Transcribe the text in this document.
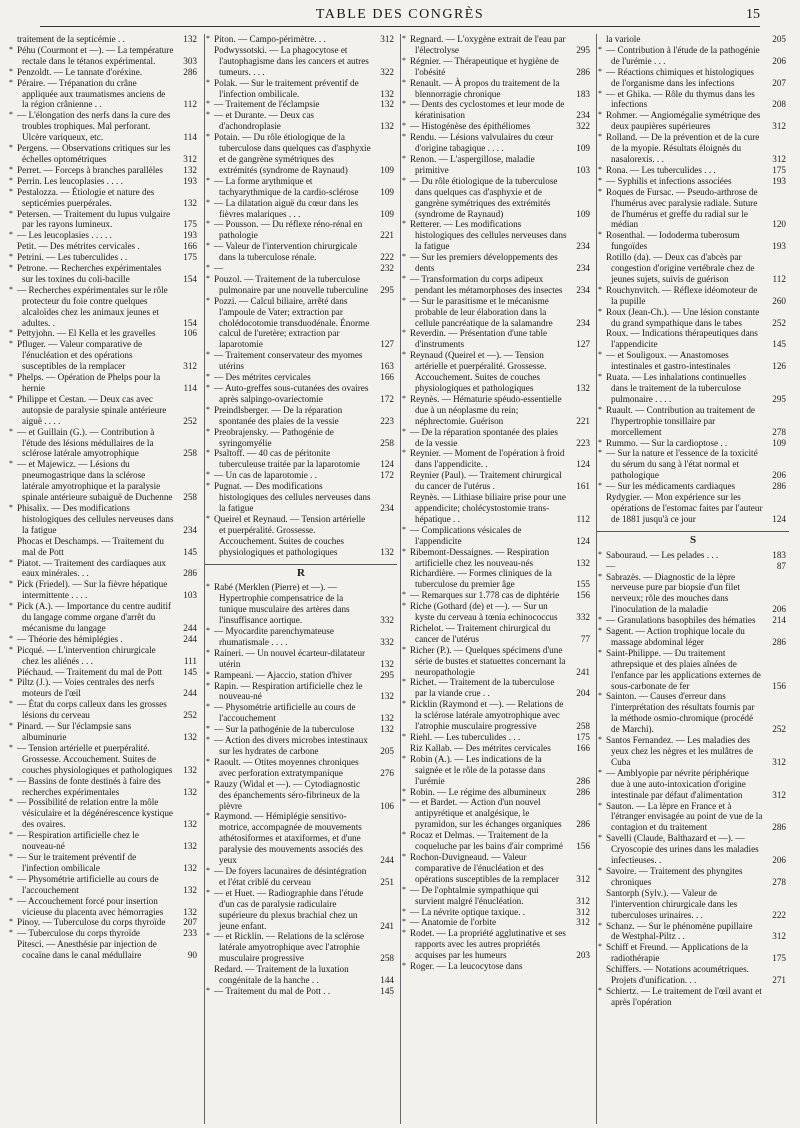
TABLE DES CONGRÈS	15
traitement de la septicémie . .	132
* Péhu (Courmont et —). — La température rectale dans le tétanos expérimental.	303
* Penzoldt. — Le tannate d'oréxine.	286
* Péraire. — Trépanation du crâne appliquée aux traumatismes anciens de la région crânienne . .	112
* — L'élongation des nerfs dans la cure des troubles trophiques. Mal perforant. Ulcère variqueux, etc.	114
* Pergens. — Observations critiques sur les échelles optométriques	312
* Perret. — Forceps à branches parallèles	132
* Perrin. Les leucoplasies . . . .	193
* Pestalozza. — Étiologie et nature des septicémies puerpérales.	132
* Petersen. — Traitement du lupus vulgaire par les rayons lumineux.	175
* — Les leucoplasies . . . . .	193
Petit. — Des métrites cervicales .	166
* Petrini. — Les tuberculides . .	175
* Petrone. — Recherches expérimentales sur les toxines du coli-bacille	154
* — Recherches expérimentales sur le rôle protecteur du foie contre quelques alcaloïdes chez les animaux jeunes et adultes. .	154
* Pettyjohn. — El Kella et les gravelles	106
* Pfluger. — Valeur comparative de l'énucléation et des opérations susceptibles de la remplacer	312
* Phelps. — Opération de Phelps pour la hernie	114
* Philippe et Cestan. — Deux cas avec autopsie de paralysie spinale antérieure aiguë . . . .	252
* — et Guillain (G.). — Contribution à l'étude des lésions médullaires de la sclérose latérale amyotrophique	258
* — et Majewicz. — Lésions du pneumogastrique dans la sclérose latérale amyotrophique et la paralysie spinale antérieure subaiguë de Duchenne 258
* Phisalix. — Des modifications histologiques des cellules nerveuses dans la fatigue	234
Phocas et Deschamps. — Traitement du mal de Pott	145
* Piatot. — Traitement des cardiaques aux eaux minérales. . .	286
* Pick (Friedel). — Sur la fièvre hépatique intermittente . . . .	103
* Pick (A.). — Importance du centre auditif du langage comme organe d'arrêt du mécanisme du langage	244
* — Théorie des hémiplégies .	244
* Picqué. — L'intervention chirurgicale chez les aliénés . . .	111
Piéchaud. — Traitement du mal de Pott	145
* Piltz (J.). — Voies centrales des nerfs moteurs de l'œil	244
* — État du corps calleux dans les grosses lésions du cerveau	252
* Pinard. — Sur l'éclampsie sans albuminurie	132
* — Tension artérielle et puerpéralité. Grossesse. Accouchement. Suites de couches physiologiques et pathologiques 132
* — Bassins de fonte destinés à faire des recherches expérimentales	132
* — Possibilité de relation entre la môle vésiculaire et la dégénérescence kystique des ovaires.	132
* — Respiration artificielle chez le nouveau-né	132
* — Sur le traitement préventif de l'infection ombilicale	132
* — Physométrie artificielle au cours de l'accouchement	132
* — Accouchement forcé pour insertion vicieuse du placenta avec hémorragies	132
* Pinoy. — Tuberculose du corps thyroïde	207
* — Tuberculose du corps thyroïde	233
Pitesci. — Anesthésie par injection de cocaïne dans le canal médullaire	90
* Piton. — Campo-périmètre. . .	312
Podwyssotski. — La phagocytose et l'autophagisme dans les cancers et autres tumeurs. . . .	322
* Polak. — Sur le traitement préventif de l'infection ombilicale.	132
* — Traitement de l'éclampsie	132
* — et Durante. — Deux cas d'achondroplasie	132
* Potain. — Du rôle étiologique de la tuberculose dans quelques cas d'asphyxie et de gangrène symétriques des extrémités (syndrome de Raynaud)	109
* — La forme arythmique et tachyarythmique de la cardio-sclérose	109
* — La dilatation aiguë du cœur dans les fièvres malariques . . .	109
* — Pousson. — Du réflexe réno-rénal en pathologie	221
* — Valeur de l'intervention chirurgicale dans la tuberculose rénale.	222
* —	232
* Pouzol. — Traitement de la tuberculose pulmonaire par une nouvelle tuberculine	295
* Pozzi. — Calcul biliaire, arrêté dans l'ampoule de Vater; extraction par cholédocotomie transduodénale. Énorme calcul de l'uretère; extraction par laparotomie	127
* — Traitement conservateur des myomes utérins	163
* — Des métrites cervicales	166
* — Auto-greffes sous-cutanées des ovaires après salpingo-ovariectomie	172
* Preindlsberger. — De la réparation spontanée des plaies de la vessie	223
* Preobrajensky. — Pathogénie de syringomyélie	258
* Psaltoff. — 40 cas de péritonite tuberculeuse traitée par la laparotomie	124
* — Un cas de laparotomie . .	172
* Pugnat. — Des modifications histologiques des cellules nerveuses dans la fatigue	234
* Queirel et Reynaud. — Tension artérielle et puerpéralité. Grossesse. Accouchement. Suites de couches physiologiques et pathologiques	132
R
* Rabé (Merklen (Pierre) et —). — Hypertrophie compensatrice de la tunique musculaire des artères dans l'insuffisance aortique.	332
* — Myocardite parenchymateuse rhumatismale . . . .	332
* Raineri. — Un nouvel écarteur-dilatateur utérin	132
* Rampeani. — Ajaccio, station d'hiver	295
* Rapin. — Respiration artificielle chez le nouveau-né	132
* — Physométrie artificielle au cours de l'accouchement	132
* — Sur la pathogénie de la tuberculose	132
* — Action des divers microbes intestinaux sur les hydrates de carbone	205
* Raoult. — Otites moyennes chroniques avec perforation extratympanique	276
* Rauzy (Widal et —). — Cytodiagnostic des épanchements séro-fibrineux de la plèvre	106
* Raymond. — Hémiplégie sensitivo-motrice, accompagnée de mouvements athétosiformes et ataxiformes, et d'une paralysie des mouvements associés des yeux	244
* — De foyers lacunaires de désintégration et l'état criblé du cerveau	251
* — et Huet. — Radiographie dans l'étude d'un cas de paralysie radiculaire supérieure du plexus brachial chez un jeune enfant.	241
* — et Ricklin. — Relations de la sclérose latérale amyotrophique avec l'atrophie musculaire progressive	258
Redard. — Traitement de la luxation congénitale de la hanche . .	144
* — Traitement du mal de Pott . .	145
* Regnard. — L'oxygène extrait de l'eau par l'électrolyse	295
* Régnier. — Thérapeutique et hygiène de l'obésité	286
* Renault. — À propos du traitement de la blennorragie chronique	183
* — Dents des cyclostomes et leur mode de kératinisation	234
* — Histogénèse des épithéliomes	322
* Rendu. — Lésions valvulaires du cœur d'origine tabagique . . . .	109
* Renon. — L'aspergillose, maladie primitive	103
* — Du rôle étiologique de la tuberculose dans quelques cas d'asphyxie et de gangrène symétriques des extrémités (syndrome de Raynaud)	109
* Retterer. — Les modifications histologiques des cellules nerveuses dans la fatigue	234
* — Sur les premiers développements des dents	234
* — Transformation du corps adipeux pendant les métamorphoses des insectes	234
* — Sur le parasitisme et le mécanisme probable de leur élaboration dans la cellule pancréatique de la salamandre	234
* Reverdin. — Présentation d'une table d'instruments	127
* Reynaud (Queirel et —). — Tension artérielle et puerpéralité. Grossesse. Accouchement. Suites de couches physiologiques et pathologiques	132
* Reynès. — Hématurie spéudo-essentielle due à un néoplasme du rein; néphrectomie. Guérison	221
* — De la réparation spontanée des plaies de la vessie	223
* Reynier. — Moment de l'opération à froid dans l'appendicite. .	124
Reynier (Paul). — Traitement chirurgical du cancer de l'utérus .	161
Reynès. — Lithiase biliaire prise pour une appendicite; cholécystostomie trans-hépatique . .	112
* — Complications vésicales de l'appendicite	124
* Ribemont-Dessaignes. — Respiration artificielle chez les nouveau-nés	132
Richardière. — Formes cliniques de la tuberculose du premier âge	155
* — Remarques sur 1.778 cas de diphtérie	156
* Riche (Gothard (de) et —). — Sur un kyste du cerveau à tœnia echinococcus	332
Richelot. — Traitement chirurgical du cancer de l'utérus	77
* Richer (P.). — Quelques spécimens d'une série de bustes et statuettes concernant la neuropathologie	241
* Richet. — Traitement de la tuberculose par la viande crue . .	204
* Ricklin (Raymond et —). — Relations de la sclérose latérale amyotrophique avec l'atrophie musculaire progressive	258
* Riehl. — Les tuberculides . . .	175
Riz Kallab. — Des métrites cervicales	166
* Robin (A.). — Les indications de la saignée et le rôle de la potasse dans l'urémie	286
* Robin. — Le régime des albumineux	286
* — et Bardet. — Action d'un nouvel antipyrétique et analgésique, le pyramidon, sur les échanges organiques	286
* Rocaz et Delmas. — Traitement de la coqueluche par les bains d'air comprimé	156
* Rochon-Duvigneaud. — Valeur comparative de l'énucléation et des opérations susceptibles de la remplacer	312
* — De l'ophtalmie sympathique qui survient malgré l'énucléation.	312
* — La névrite optique taxique. .	312
* — Anatomie de l'orbite	312
* Rodet. — La propriété agglutinative et ses rapports avec les autres propriétés acquises par les humeurs	203
* Roger. — La leucocytose dans
la variole	205
* — Contribution à l'étude de la pathogénie de l'urémie . . .	206
* — Réactions chimiques et histologiques de l'organisme dans les infections	207
* — et Ghika. — Rôle du thymus dans les infections	208
* Rohmer. — Angiomégalie symétrique des deux paupières supérieures	312
* Rolland. — De la prévention et de la cure de la myopie. Résultats éloignés du nasalorexis. . .	312
* Rona. — Les tuberculides . . .	175
* — Syphilis et infections associées	193
* Roques de Fursac. — Pseudo-arthrose de l'humérus avec paralysie radiale. Suture de l'humérus et greffe du radial sur le médian	120
* Rosenthal. — Iododerma tuberosum fungoïdes	193
Rotillo (da). — Deux cas d'abcès par congestion d'origine vertébrale chez de jeunes sujets, suivis de guérison	112
* Rouchynvitch. — Réflexe idéomoteur de la pupille	260
* Roux (Jean-Ch.). — Une lésion constante du grand sympathique dans le tabes	252
Roux. — Indications thérapeutiques dans l'appendicite	145
* — et Souligoux. — Anastomoses intestinales et gastro-intestinales	126
* Ruata. — Les inhalations continuelles dans le traitement de la tuberculose pulmonaire . . . .	295
* Ruault. — Contribution au traitement de l'hypertrophie tonsillaire par morcellement	278
* Rummo. — Sur la cardioptose . .	109
* — Sur la nature et l'essence de la toxicité du sérum du sang à l'état normal et pathologique	206
* — Sur les médicaments cardiaques	286
Rydygier. — Mon expérience sur les opérations de l'estomac faites par l'auteur de 1881 jusqu'à ce jour	124
S
* Sabouraud. — Les pelades . . .	183
—	87
* Sabrazès. — Diagnostic de la lèpre nerveuse pure par biopsie d'un filet nerveux; rôle des mouches dans l'inoculation de la maladie	206
* — Granulations basophiles des hématies	214
* Sagent. — Action trophique locale du massage abdominal léger	286
* Saint-Philippe. — Du traitement athrepsique et des plaies aînées de l'enfance par les applications externes de sous-carbonate de fer	156
* Sainton. — Causes d'erreur dans l'interprétation des résultats fournis par la méthode osmio-chromique (procédé de Marchi).	252
* Santos Fernandez. — Les maladies des yeux chez les nègres et les mulâtres de Cuba	312
* — Amblyopie par névrite périphérique due à une auto-intoxication d'origine intestinale par défaut d'alimentation	312
* Sauton. — La lèpre en France et à l'étranger envisagée au point de vue de la contagion et du traitement	286
* Savelli (Claude, Balthazard et —). — Cryoscopie des urines dans les maladies infectieuses. .	206
* Savoire. — Traitement des phyngites chroniques	278
Santorph (Sylv.). — Valeur de l'intervention chirurgicale dans les tuberculoses urinaires. . .	222
* Schanz. — Sur le phénomène pupillaire de Westphal-Piltz . .	312
* Schiff et Freund. — Applications de la radiothérapie	175
Schiffers. — Notations acoumétriques. Projets d'unification. . .	271
* Schiertz. — Le traitement de l'œil avant et après l'opération
